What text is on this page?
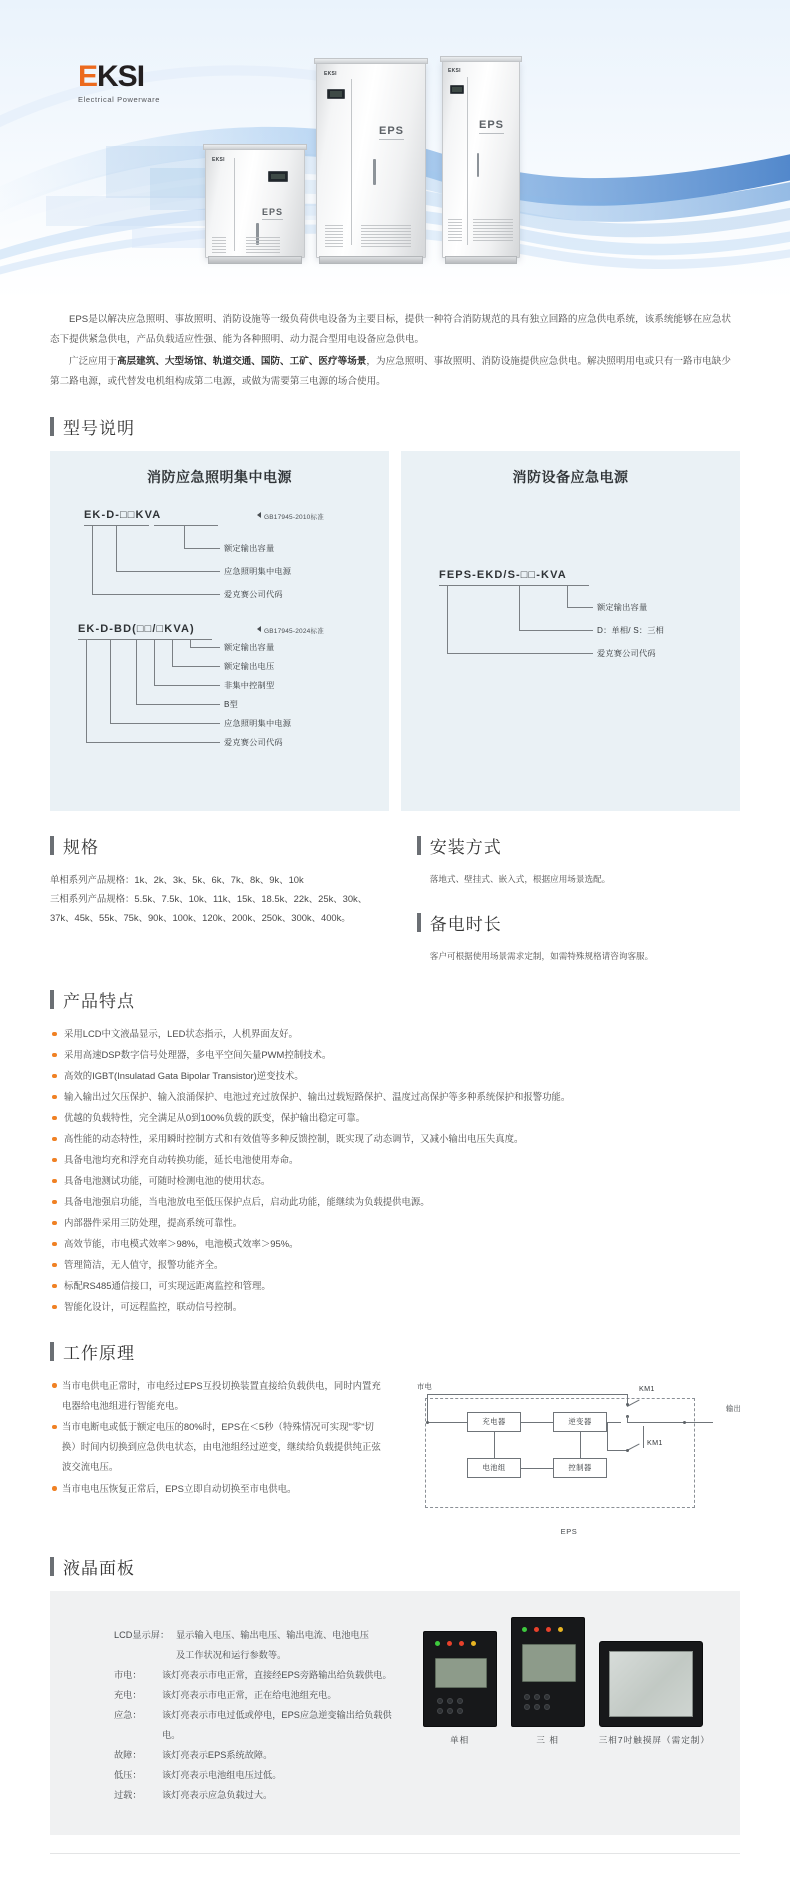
EKSI
Electrical Powerware
EKSI
EPS
EKSI
EPS
EKSI
EPS

EPS是以解决应急照明、事故照明、消防设施等一级负荷供电设备为主要目标，提供一种符合消防规范的具有独立回路的应急供电系统，该系统能够在应急状态下提供紧急供电，产品负载适应性强、能为各种照明、动力混合型用电设备应急供电。

广泛应用于高层建筑、大型场馆、轨道交通、国防、工矿、医疗等场景，为应急照明、事故照明、消防设施提供应急供电。解决照明用电或只有一路市电缺少第二路电源，或代替发电机组构成第二电源，或做为需要第三电源的场合使用。

型号说明
消防应急照明集中电源
EK-D-□□KVA	GB17945-2010标准
额定输出容量
应急照明集中电源
爱克赛公司代码
EK-D-BD(□□/□KVA)	GB17945-2024标准
额定输出容量
额定输出电压
非集中控制型
B型
应急照明集中电源
爱克赛公司代码
消防设备应急电源
FEPS-EKD/S-□□-KVA
额定输出容量
D：单相/ S：三相
爱克赛公司代码
规格
单相系列产品规格：1k、2k、3k、5k、6k、7k、8k、9k、10k
三相系列产品规格：5.5k、7.5k、10k、11k、15k、18.5k、22k、25k、30k、37k、45k、55k、75k、90k、100k、120k、200k、250k、300k、400k。
安装方式
落地式、壁挂式、嵌入式，根据应用场景选配。
备电时长
客户可根据使用场景需求定制，如需特殊规格请咨询客服。
产品特点
采用LCD中文液晶显示，LED状态指示，人机界面友好。
采用高速DSP数字信号处理器，多电平空间矢量PWM控制技术。
高效的IGBT(Insulatad Gata Bipolar Transistor)逆变技术。
输入输出过欠压保护、输入浪涌保护、电池过充过放保护、输出过载短路保护、温度过高保护等多种系统保护和报警功能。
优越的负载特性，完全满足从0到100%负载的跃变，保护输出稳定可靠。
高性能的动态特性，采用瞬时控制方式和有效值等多种反馈控制，既实现了动态调节，又减小输出电压失真度。
具备电池均充和浮充自动转换功能，延长电池使用寿命。
具备电池测试功能，可随时检测电池的使用状态。
具备电池强启功能，当电池放电至低压保护点后，启动此功能，能继续为负载提供电源。
内部器件采用三防处理，提高系统可靠性。
高效节能，市电模式效率＞98%，电池模式效率＞95%。
管理简洁，无人值守，报警功能齐全。
标配RS485通信接口，可实现远距离监控和管理。
智能化设计，可远程监控，联动信号控制。
工作原理
当市电供电正常时，市电经过EPS互投切换装置直接给负载供电，同时内置充电器给电池组进行智能充电。
当市电断电或低于额定电压的80%时，EPS在＜5秒（特殊情况可实现"零"切换）时间内切换到应急供电状态，由电池组经过逆变，继续给负载提供纯正弦波交流电压。
当市电电压恢复正常后，EPS立即自动切换至市电供电。
市电
输出
充电器	逆变器
电池组	控制器
KM1
KM1
EPS
液晶面板
LCD显示屏： 显示输入电压、输出电压、输出电流、电池电压
及工作状况和运行参数等。
市电：	该灯亮表示市电正常，直接经EPS旁路输出给负载供电。
充电：	该灯亮表示市电正常，正在给电池组充电。
应急：	该灯亮表示市电过低或停电，EPS应急逆变输出给负载供电。
故障：	该灯亮表示EPS系统故障。
低压：	该灯亮表示电池组电压过低。
过载：	该灯亮表示应急负载过大。
单相	三 相	三相7吋触摸屏（需定制）
